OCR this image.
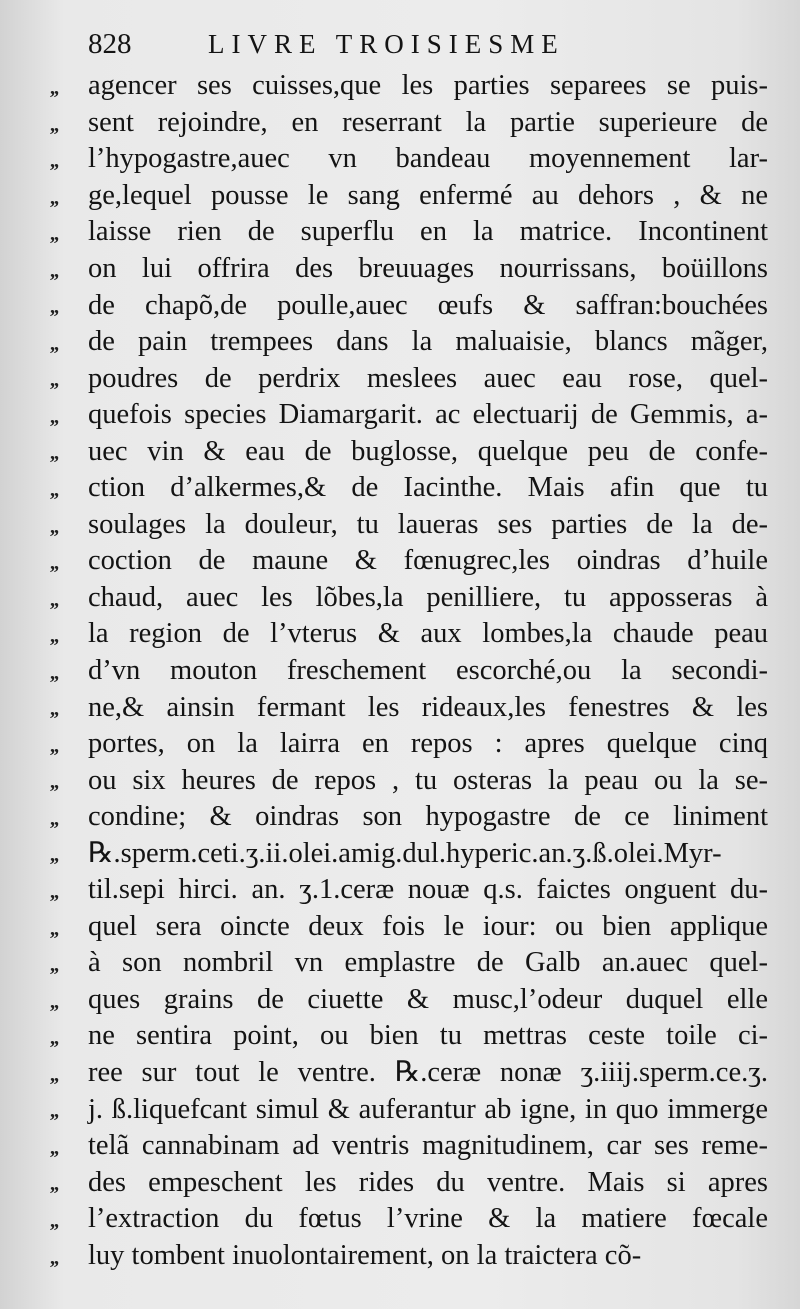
828	LIVRE TROISIESME
,,	agencer ses cuisses,que les parties separees se puis-
,,	sent rejoindre, en reserrant la partie superieure de
,,	l’hypogastre,auec vn bandeau moyennement lar-
,,	ge,lequel pousse le sang enfermé au dehors , & ne
,,	laisse rien de superflu en la matrice. Incontinent
,,	on lui offrira des breuuages nourrissans, boüillons
,,	de chapõ,de poulle,auec œufs & saffran:bouchées
,,	de pain trempees dans la maluaisie, blancs mãger,
,,	poudres de perdrix meslees auec eau rose, quel-
,,	quefois species Diamargarit. ac electuarij de Gemmis, a-
,,	uec vin & eau de buglosse, quelque peu de confe-
,,	ction d’alkermes,& de Iacinthe. Mais afin que tu
,,	soulages la douleur, tu laueras ses parties de la de-
,,	coction de maune & fœnugrec,les oindras d’huile
,,	chaud, auec les lõbes,la penilliere, tu apposseras à
,,	la region de l’vterus & aux lombes,la chaude peau
,,	d’vn mouton freschement escorché,ou la secondi-
,,	ne,& ainsin fermant les rideaux,les fenestres & les
,,	portes, on la lairra en repos : apres quelque cinq
,,	ou six heures de repos , tu osteras la peau ou la se-
,,	condine; & oindras son hypogastre de ce liniment
,,	℞.sperm.ceti.ʒ.ii.olei.amig.dul.hyperic.an.ʒ.ß.olei.Myr-
,,	til.sepi hirci. an. ʒ.1.ceræ nouæ q.s. faictes onguent du-
,,	quel sera oincte deux fois le iour: ou bien applique
,,	à son nombril vn emplastre de Galb an.auec quel-
,,	ques grains de ciuette & musc,l’odeur duquel elle
,,	ne sentira point, ou bien tu mettras ceste toile ci-
,,	ree sur tout le ventre. ℞.ceræ nonæ ʒ.iiij.sperm.ce.ʒ.
,,	j. ß.liquefcant simul & auferantur ab igne, in quo immerge
,,	telã cannabinam ad ventris magnitudinem, car ses reme-
,,	des empeschent les rides du ventre. Mais si apres
,,	l’extraction du fœtus l’vrine & la matiere fœcale
,,	luy tombent inuolontairement, on la traictera cõ-
